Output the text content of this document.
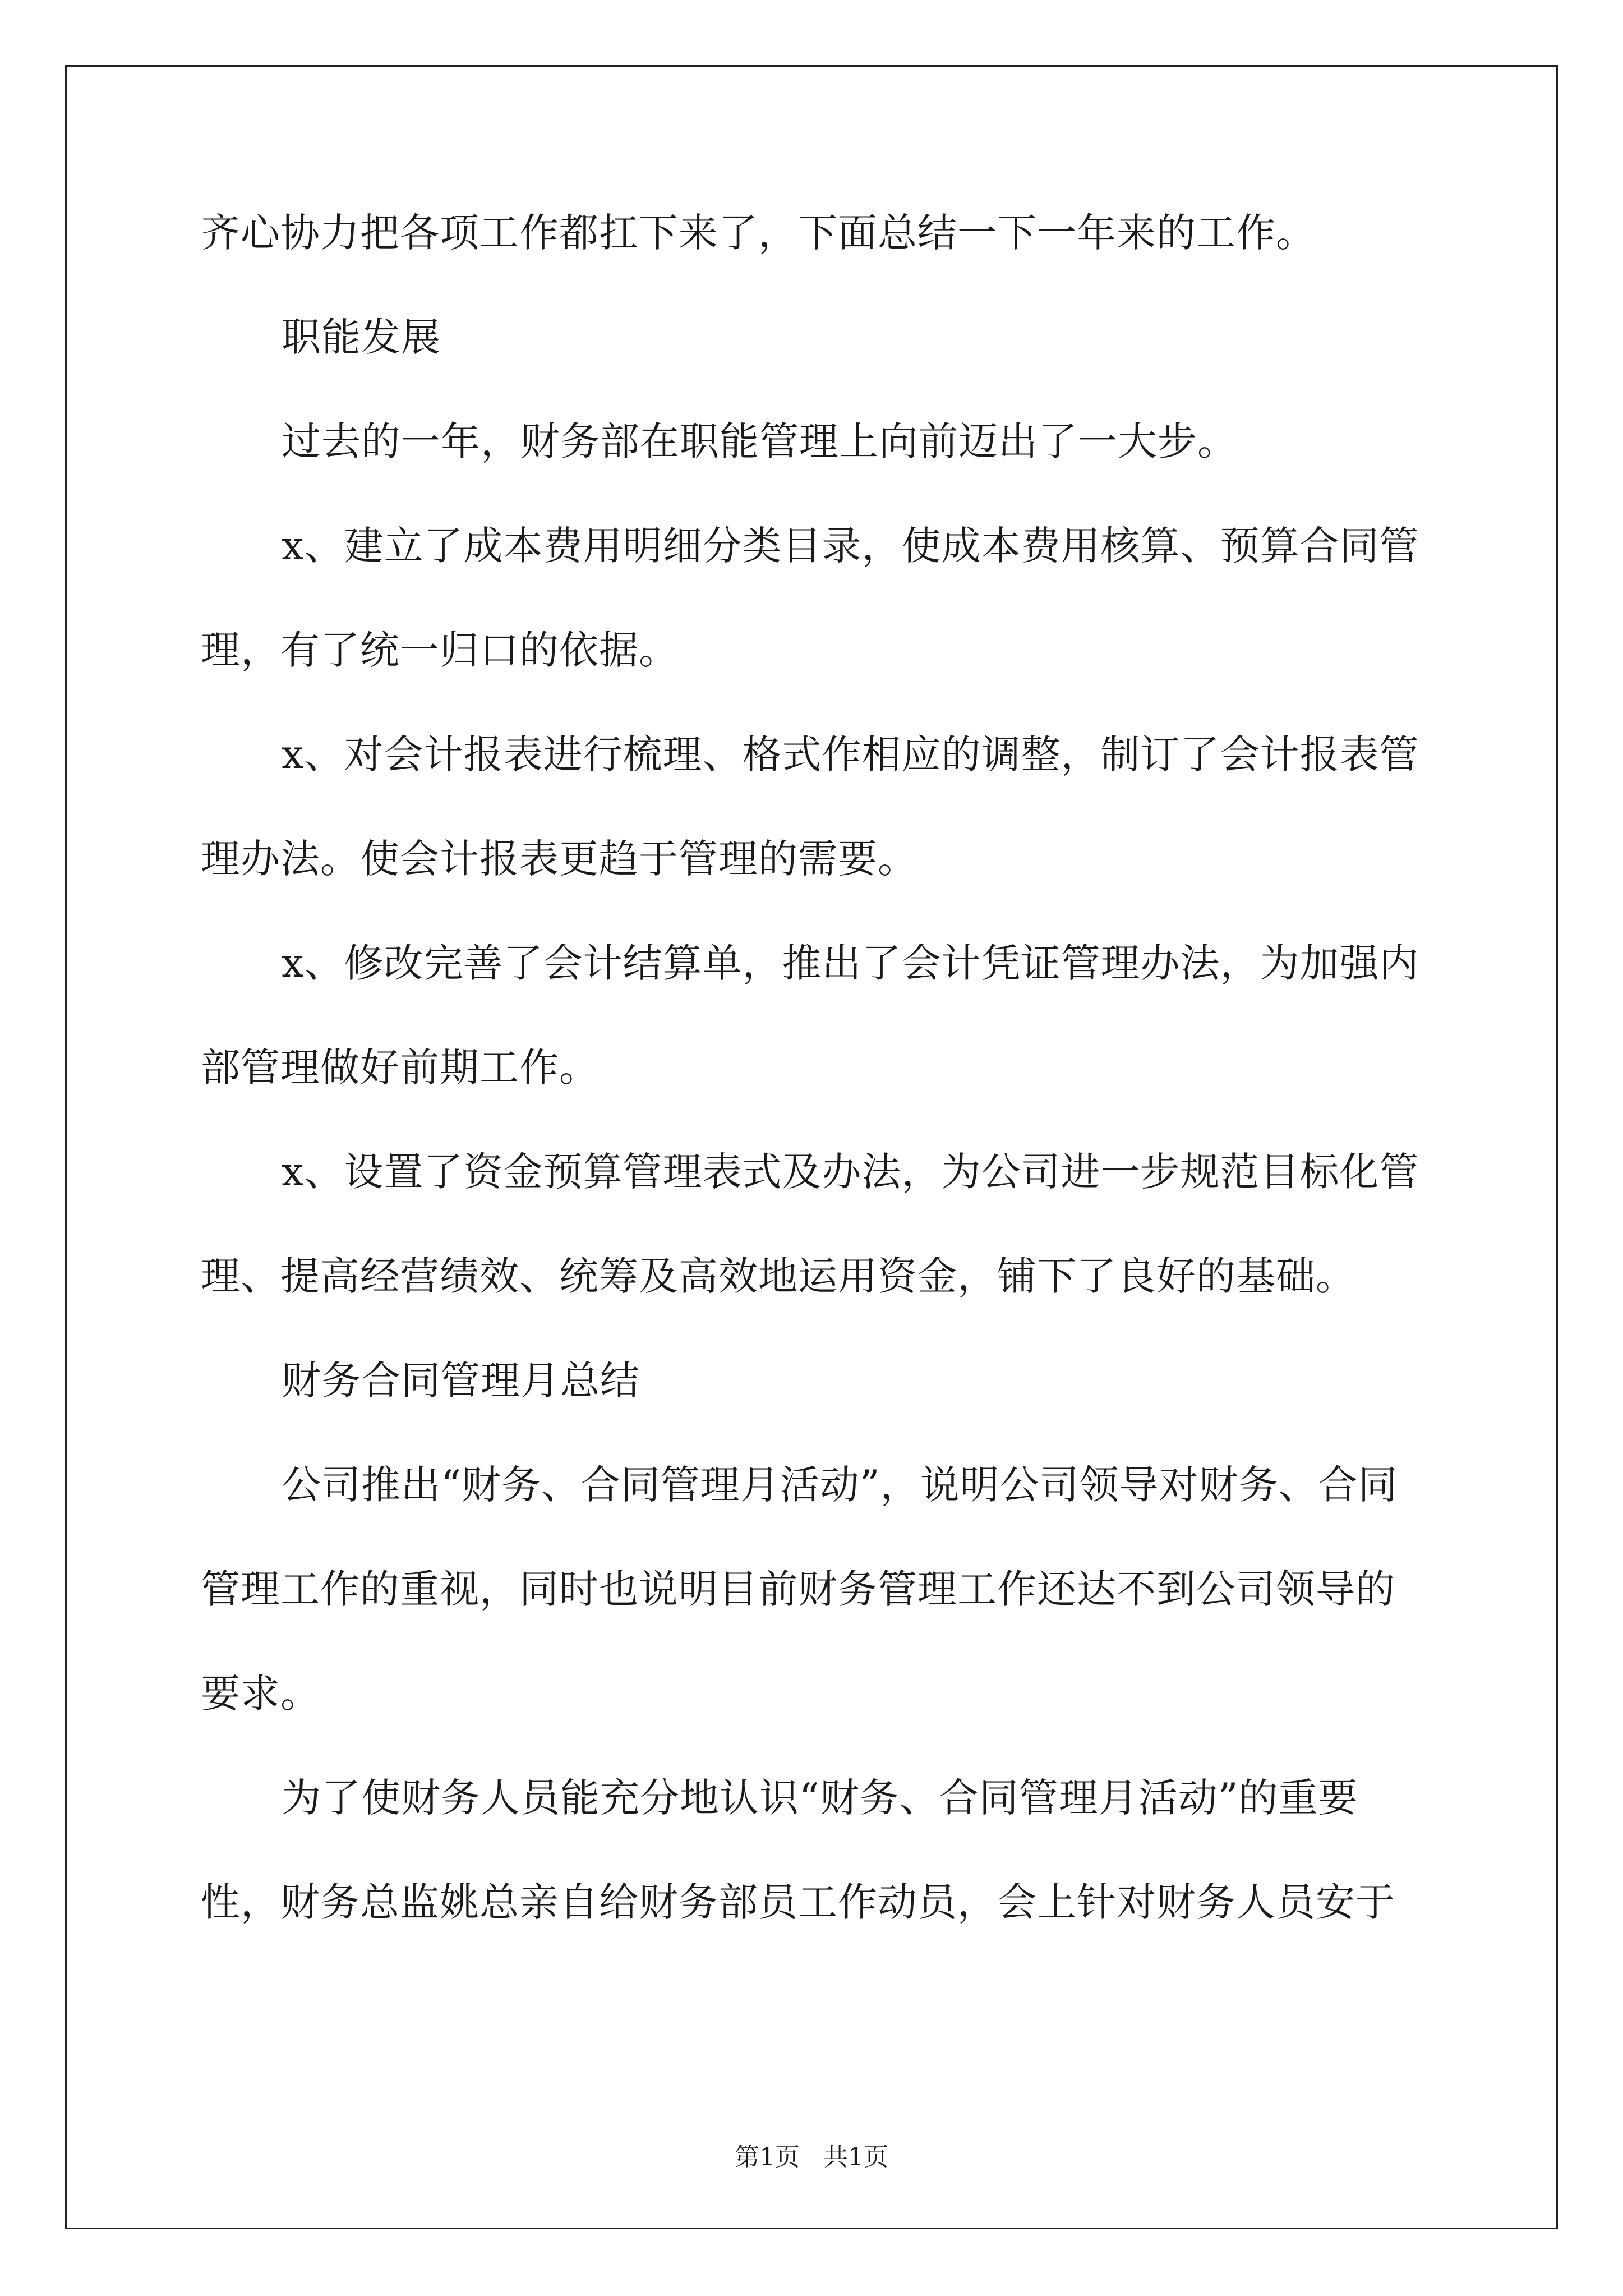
齐心协力把各项工作都扛下来了，下面总结一下一年来的工作。
职能发展
过去的一年，财务部在职能管理上向前迈出了一大步。
x、建立了成本费用明细分类目录，使成本费用核算、预算合同管
理，有了统一归口的依据。
x、对会计报表进行梳理、格式作相应的调整，制订了会计报表管
理办法。使会计报表更趋于管理的需要。
x、修改完善了会计结算单，推出了会计凭证管理办法，为加强内
部管理做好前期工作。
x、设置了资金预算管理表式及办法，为公司进一步规范目标化管
理、提高经营绩效、统筹及高效地运用资金，铺下了良好的基础。
财务合同管理月总结
公司推出“财务、合同管理月活动”，说明公司领导对财务、合同
管理工作的重视，同时也说明目前财务管理工作还达不到公司领导的
要求。
为了使财务人员能充分地认识“财务、合同管理月活动”的重要
性，财务总监姚总亲自给财务部员工作动员，会上针对财务人员安于
第1页   共1页
